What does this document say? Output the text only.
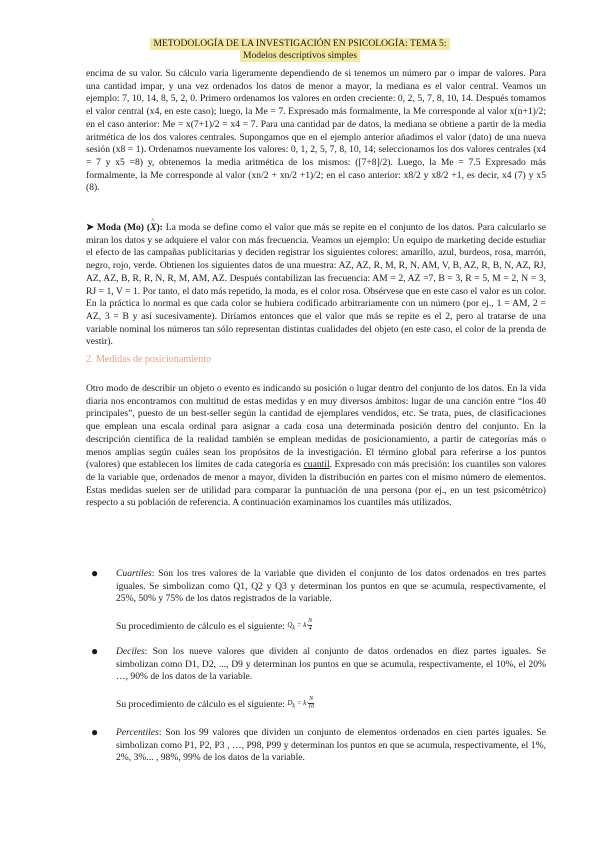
METODOLOGÍA DE LA INVESTIGACIÓN EN PSICOLOGÍA: TEMA 5:
Modelos descriptivos simples
encima de su valor. Su cálculo varía ligeramente dependiendo de si tenemos un número par o impar de valores. Para una cantidad impar, y una vez ordenados los datos de menor a mayor, la mediana es el valor central. Veamos un ejemplo: 7, 10, 14, 8, 5, 2, 0. Primero ordenamos los valores en orden creciente: 0, 2, 5, 7, 8, 10, 14. Después tomamos el valor central (x4, en este caso); luego, la Me = 7. Expresado más formalmente, la Me corresponde al valor x(n+1)/2; en el caso anterior: Me = x(7+1)/2 = x4 = 7. Para una cantidad par de datos, la mediana se obtiene a partir de la media aritmética de los dos valores centrales. Supongamos que en el ejemplo anterior añadimos el valor (dato) de una nueva sesión (x8 = 1). Ordenamos nuevamente los valores: 0, 1, 2, 5, 7, 8, 10, 14; seleccionamos los dos valores centrales (x4 = 7 y x5 =8) y, obtenemos la media aritmética de los mismos: ([7+8]/2). Luego, la Me = 7.5 Expresado más formalmente, la Me corresponde al valor (xn/2 + xn/2 +1)/2; en el caso anterior: x8/2 y x8/2 +1, es decir, x4 (7) y x5 (8).
➤ Moda (Mo) (^ X): La moda se define como el valor que más se repite en el conjunto de los datos. Para calcularlo se miran los datos y se adquiere el valor con más frecuencia. Veamos un ejemplo: Un equipo de marketing decide estudiar el efecto de las campañas publicitarias y deciden registrar los siguientes colores: amarillo, azul, burdeos, rosa, marrón, negro, rojo, verde. Obtienen los siguientes datos de una muestra: AZ, AZ, R, M, R, N, AM, V, B, AZ, R, B, N, AZ, RJ, AZ, AZ, B, R, R, N, R, M, AM, AZ. Después contabilizan las frecuencia: AM = 2, AZ =7, B = 3, R = 5, M = 2, N = 3, RJ = 1, V = 1. Por tanto, el dato más repetido, la moda, es el color rosa. Obsérvese que en este caso el valor es un color. En la práctica lo normal es que cada color se hubiera codificado arbitrariamente con un número (por ej., 1 = AM, 2 = AZ, 3 = B y así sucesivamente). Diríamos entonces que el valor que más se repite es el 2, pero al tratarse de una variable nominal los números tan sólo representan distintas cualidades del objeto (en este caso, el color de la prenda de vestir).
2. Medidas de posicionamiento
Otro modo de describir un objeto o evento es indicando su posición o lugar dentro del conjunto de los datos. En la vida diaria nos encontramos con multitud de estas medidas y en muy diversos ámbitos: lugar de una canción entre “los 40 principales”, puesto de un best-seller según la cantidad de ejemplares vendidos, etc. Se trata, pues, de clasificaciones que emplean una escala ordinal para asignar a cada cosa una determinada posición dentro del conjunto. En la descripción científica de la realidad también se emplean medidas de posicionamiento, a partir de categorías más o menos amplias según cuáles sean los propósitos de la investigación. El término global para referirse a los puntos (valores) que establecen los límites de cada categoría es cuantil. Expresado con más precisión: los cuantiles son valores de la variable que, ordenados de menor a mayor, dividen la distribución en partes con el mismo número de elementos. Estas medidas suelen ser de utilidad para comparar la puntuación de una persona (por ej., en un test psicométrico) respecto a su población de referencia. A continuación examinamos los cuantiles más utilizados.
● Cuartiles: Son los tres valores de la variable que dividen el conjunto de los datos ordenados en tres partes iguales. Se simbolizan como Q1, Q2 y Q3 y determinan los puntos en que se acumula, respectivamente, el 25%, 50% y 75% de los datos registrados de la variable.
Su procedimiento de cálculo es el siguiente: $Q_k = k\cdot \frac{N}{4}$
● Deciles: Son los nueve valores que dividen al conjunto de datos ordenados en diez partes iguales. Se simbolizan como D1, D2, ..., D9 y determinan los puntos en que se acumula, respectivamente, el 10%, el 20% …, 90% de los datos de la variable.
Su procedimiento de cálculo es el siguiente: $D_k = k\cdot \frac{N}{10}$
● Percentiles: Son los 99 valores que dividen un conjunto de elementos ordenados en cien partes iguales. Se simbolizan como P1, P2, P3 , …, P98, P99 y determinan los puntos en que se acumula, respectivamente, el 1%, 2%, 3%... , 98%, 99% de los datos de la variable.
